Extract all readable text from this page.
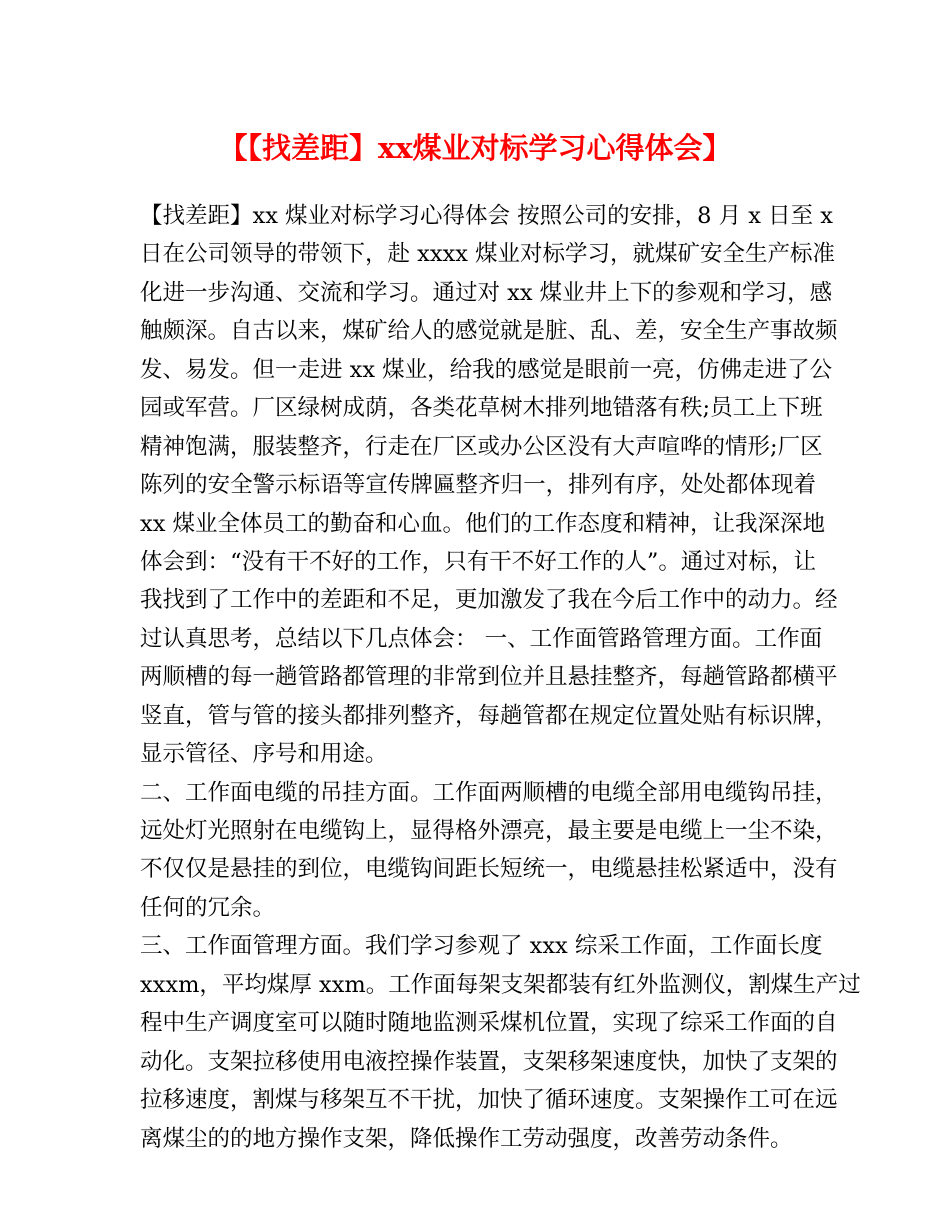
【【找差距】xx煤业对标学习心得体会】
【找差距】xx 煤业对标学习心得体会 按照公司的安排，8 月 x 日至 x
日在公司领导的带领下，赴 xxxx 煤业对标学习，就煤矿安全生产标准
化进一步沟通、交流和学习。通过对 xx 煤业井上下的参观和学习，感
触颇深。自古以来，煤矿给人的感觉就是脏、乱、差，安全生产事故频
发、易发。但一走进 xx 煤业，给我的感觉是眼前一亮，仿佛走进了公
园或军营。厂区绿树成荫，各类花草树木排列地错落有秩;员工上下班
精神饱满，服装整齐，行走在厂区或办公区没有大声喧哗的情形;厂区
陈列的安全警示标语等宣传牌匾整齐归一，排列有序，处处都体现着
xx 煤业全体员工的勤奋和心血。他们的工作态度和精神，让我深深地
体会到：“没有干不好的工作，只有干不好工作的人”。通过对标，让
我找到了工作中的差距和不足，更加激发了我在今后工作中的动力。经
过认真思考，总结以下几点体会： 一、工作面管路管理方面。工作面
两顺槽的每一趟管路都管理的非常到位并且悬挂整齐，每趟管路都横平
竖直，管与管的接头都排列整齐，每趟管都在规定位置处贴有标识牌，
显示管径、序号和用途。
二、工作面电缆的吊挂方面。工作面两顺槽的电缆全部用电缆钩吊挂，
远处灯光照射在电缆钩上，显得格外漂亮，最主要是电缆上一尘不染，
不仅仅是悬挂的到位，电缆钩间距长短统一，电缆悬挂松紧适中，没有
任何的冗余。
三、工作面管理方面。我们学习参观了 xxx 综采工作面，工作面长度
xxxm，平均煤厚 xxm。工作面每架支架都装有红外监测仪，割煤生产过
程中生产调度室可以随时随地监测采煤机位置，实现了综采工作面的自
动化。支架拉移使用电液控操作装置，支架移架速度快，加快了支架的
拉移速度，割煤与移架互不干扰，加快了循环速度。支架操作工可在远
离煤尘的的地方操作支架，降低操作工劳动强度，改善劳动条件。
